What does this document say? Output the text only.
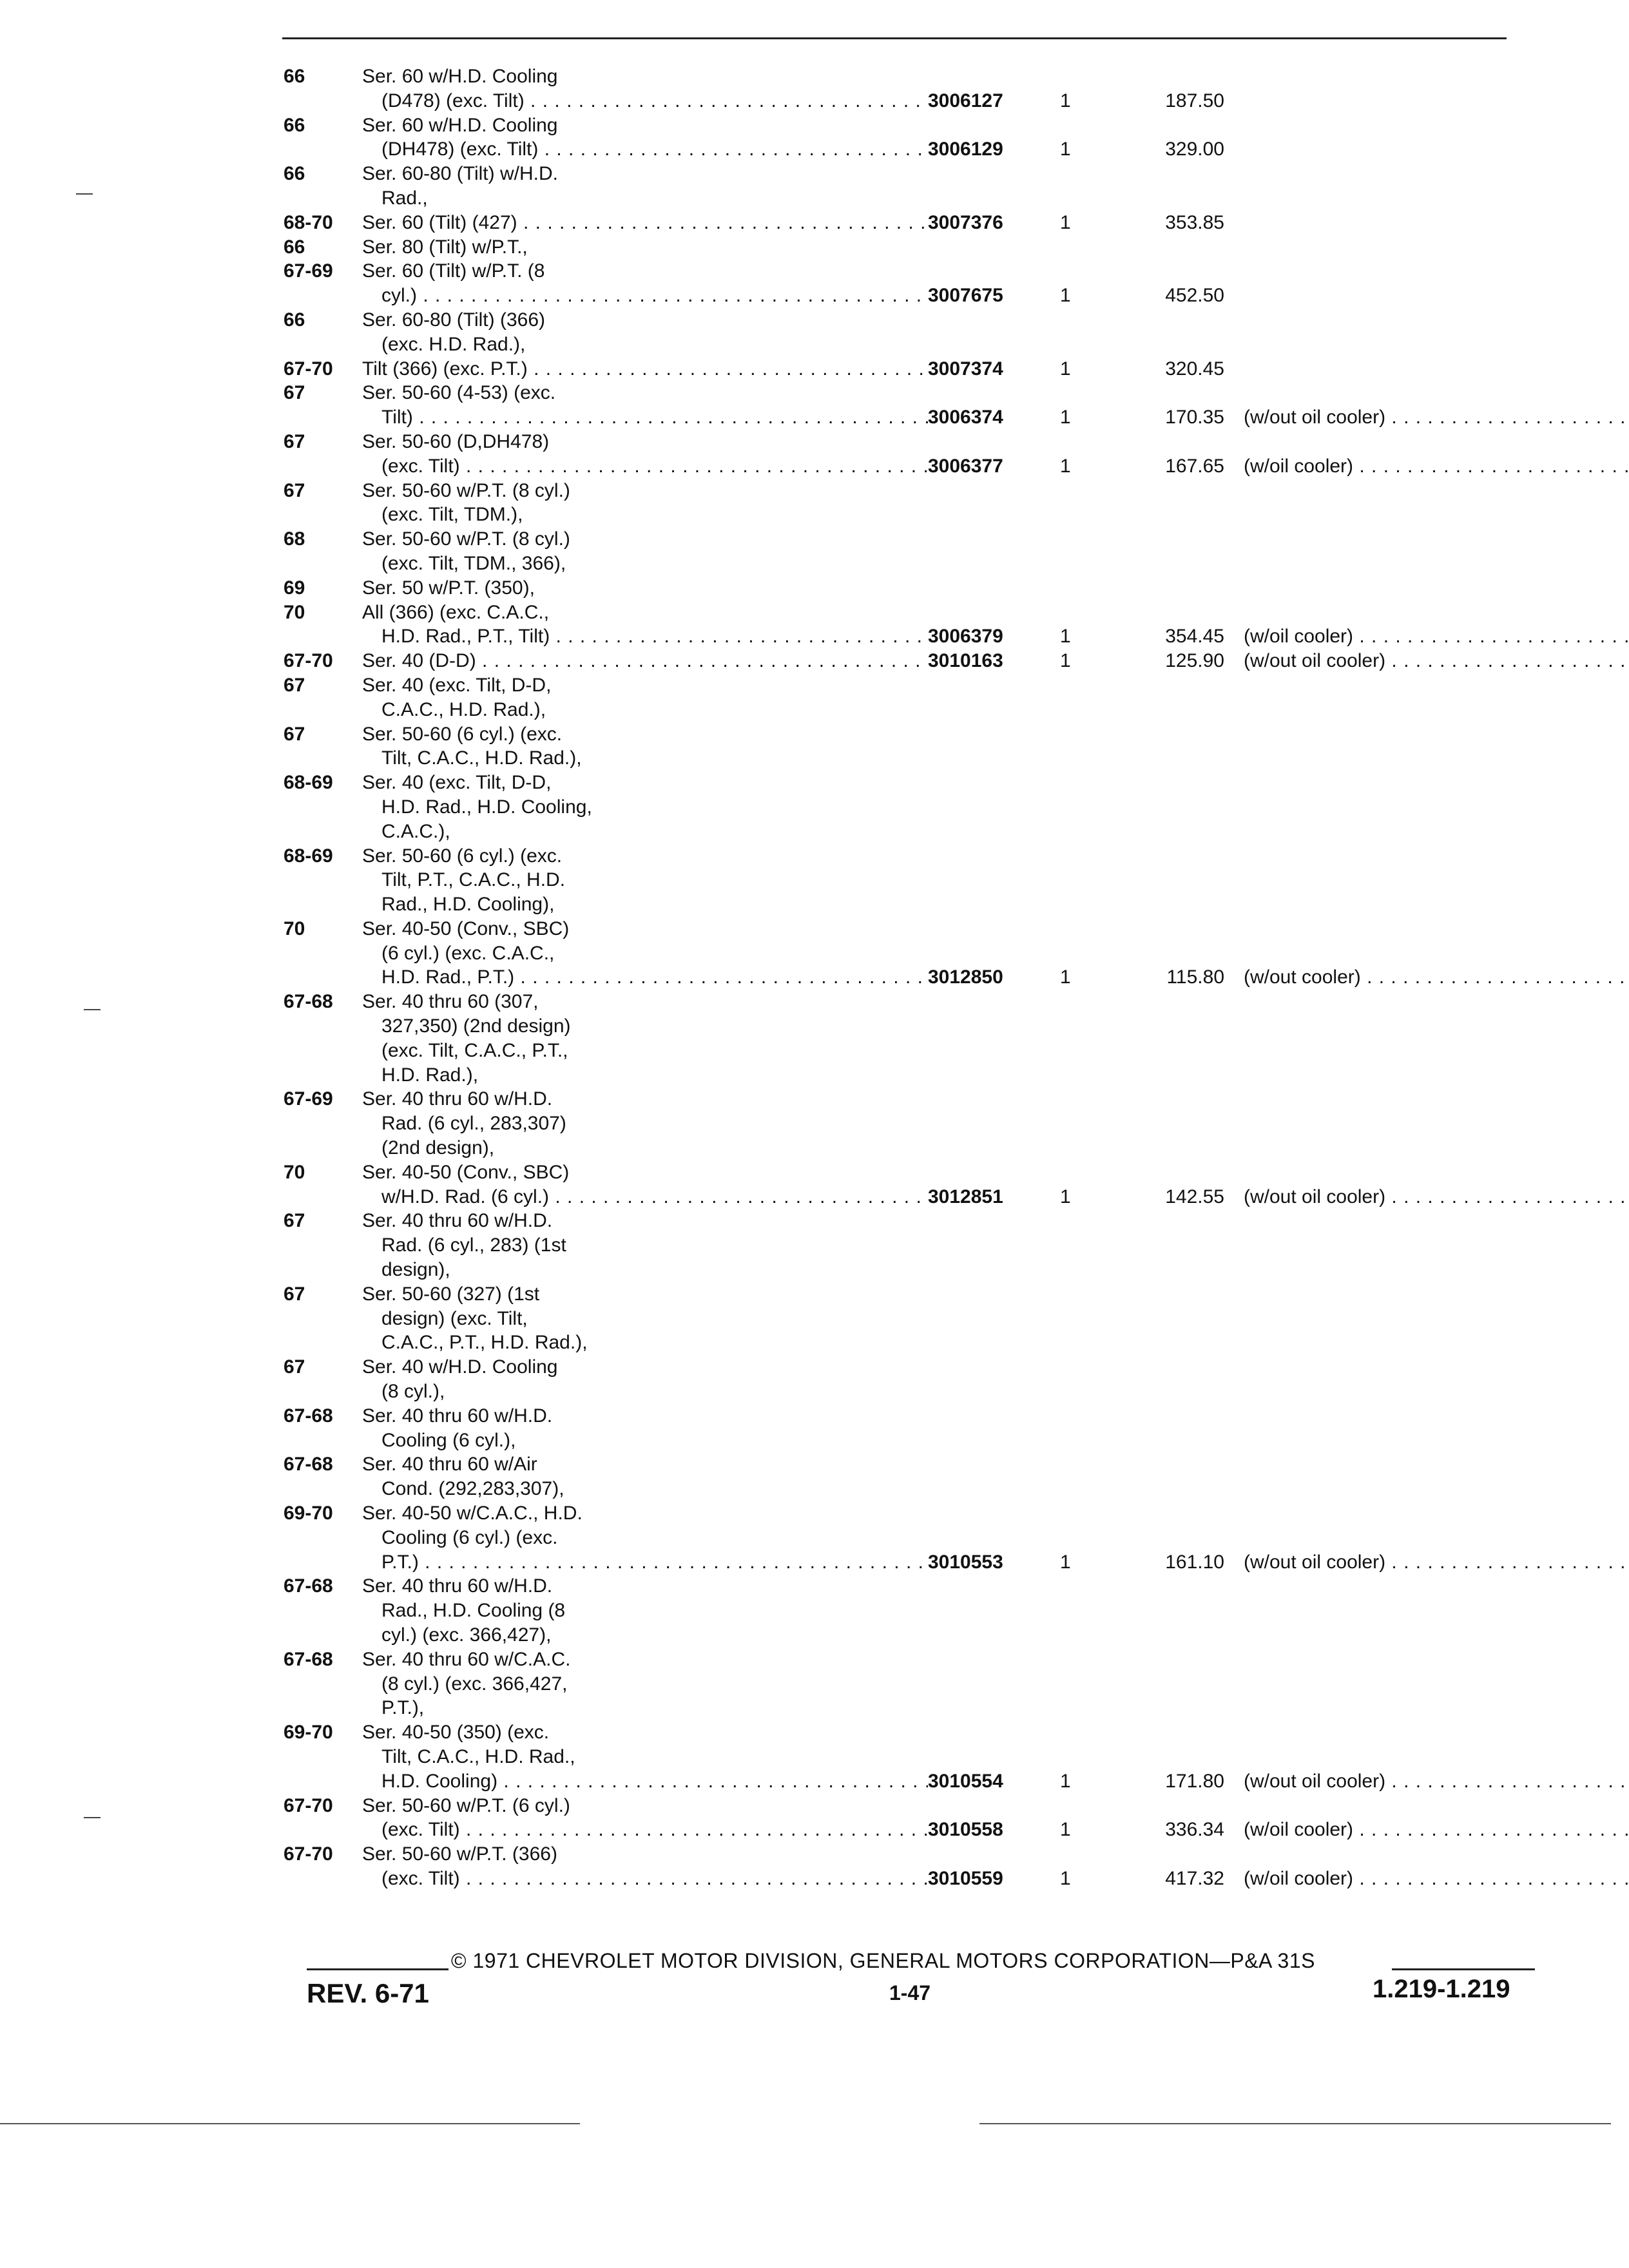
66	Ser. 60 w/H.D. Cooling
(D478) (exc. Tilt) . . .	3006127	1	187.50
66	Ser. 60 w/H.D. Cooling
(DH478) (exc. Tilt) . . .	3006129	1	329.00
66	Ser. 60-80 (Tilt) w/H.D.
Rad.,
68-70	Ser. 60 (Tilt) (427) . . .	3007376	1	353.85
66	Ser. 80 (Tilt) w/P.T.,
67-69	Ser. 60 (Tilt) w/P.T. (8
cyl.) . . .	3007675	1	452.50
66	Ser. 60-80 (Tilt) (366)
(exc. H.D. Rad.),
67-70	Tilt (366) (exc. P.T.) . . .	3007374	1	320.45
67	Ser. 50-60 (4-53) (exc.
Tilt) . . .	3006374	1	170.35 (w/out oil cooler) . . .
67	Ser. 50-60 (D,DH478)
(exc. Tilt) . . .	3006377	1	167.65 (w/oil cooler) . . .
67	Ser. 50-60 w/P.T. (8 cyl.)
(exc. Tilt, TDM.),
68	Ser. 50-60 w/P.T. (8 cyl.)
(exc. Tilt, TDM., 366),
69	Ser. 50 w/P.T. (350),
70	All (366) (exc. C.A.C.,
H.D. Rad., P.T., Tilt) . . .	3006379	1	354.45 (w/oil cooler) . . .
67-70	Ser. 40 (D-D) . . .	3010163	1	125.90 (w/out oil cooler) . . .
67	Ser. 40 (exc. Tilt, D-D,
C.A.C., H.D. Rad.),
67	Ser. 50-60 (6 cyl.) (exc.
Tilt, C.A.C., H.D. Rad.),
68-69	Ser. 40 (exc. Tilt, D-D,
H.D. Rad., H.D. Cooling,
C.A.C.),
68-69	Ser. 50-60 (6 cyl.) (exc.
Tilt, P.T., C.A.C., H.D.
Rad., H.D. Cooling),
70	Ser. 40-50 (Conv., SBC)
(6 cyl.) (exc. C.A.C.,
H.D. Rad., P.T.) . . .	3012850	1	115.80 (w/out cooler) . . .
67-68	Ser. 40 thru 60 (307,
327,350) (2nd design)
(exc. Tilt, C.A.C., P.T.,
H.D. Rad.),
67-69	Ser. 40 thru 60 w/H.D.
Rad. (6 cyl., 283,307)
(2nd design),
70	Ser. 40-50 (Conv., SBC)
w/H.D. Rad. (6 cyl.) . . .	3012851	1	142.55 (w/out oil cooler) . . .
67	Ser. 40 thru 60 w/H.D.
Rad. (6 cyl., 283) (1st
design),
67	Ser. 50-60 (327) (1st
design) (exc. Tilt,
C.A.C., P.T., H.D. Rad.),
67	Ser. 40 w/H.D. Cooling
(8 cyl.),
67-68	Ser. 40 thru 60 w/H.D.
Cooling (6 cyl.),
67-68	Ser. 40 thru 60 w/Air
Cond. (292,283,307),
69-70	Ser. 40-50 w/C.A.C., H.D.
Cooling (6 cyl.) (exc.
P.T.) . . .	3010553	1	161.10 (w/out oil cooler) . . .
67-68	Ser. 40 thru 60 w/H.D.
Rad., H.D. Cooling (8
cyl.) (exc. 366,427),
67-68	Ser. 40 thru 60 w/C.A.C.
(8 cyl.) (exc. 366,427,
P.T.),
69-70	Ser. 40-50 (350) (exc.
Tilt, C.A.C., H.D. Rad.,
H.D. Cooling) . . .	3010554	1	171.80 (w/out oil cooler) . . .
67-70	Ser. 50-60 w/P.T. (6 cyl.)
(exc. Tilt) . . .	3010558	1	336.34 (w/oil cooler) . . .
67-70	Ser. 50-60 w/P.T. (366)
(exc. Tilt) . . .	3010559	1	417.32 (w/oil cooler) . . .
© 1971 CHEVROLET MOTOR DIVISION, GENERAL MOTORS CORPORATION—P&A 31S
REV. 6-71	1-47	1.219-1.219
